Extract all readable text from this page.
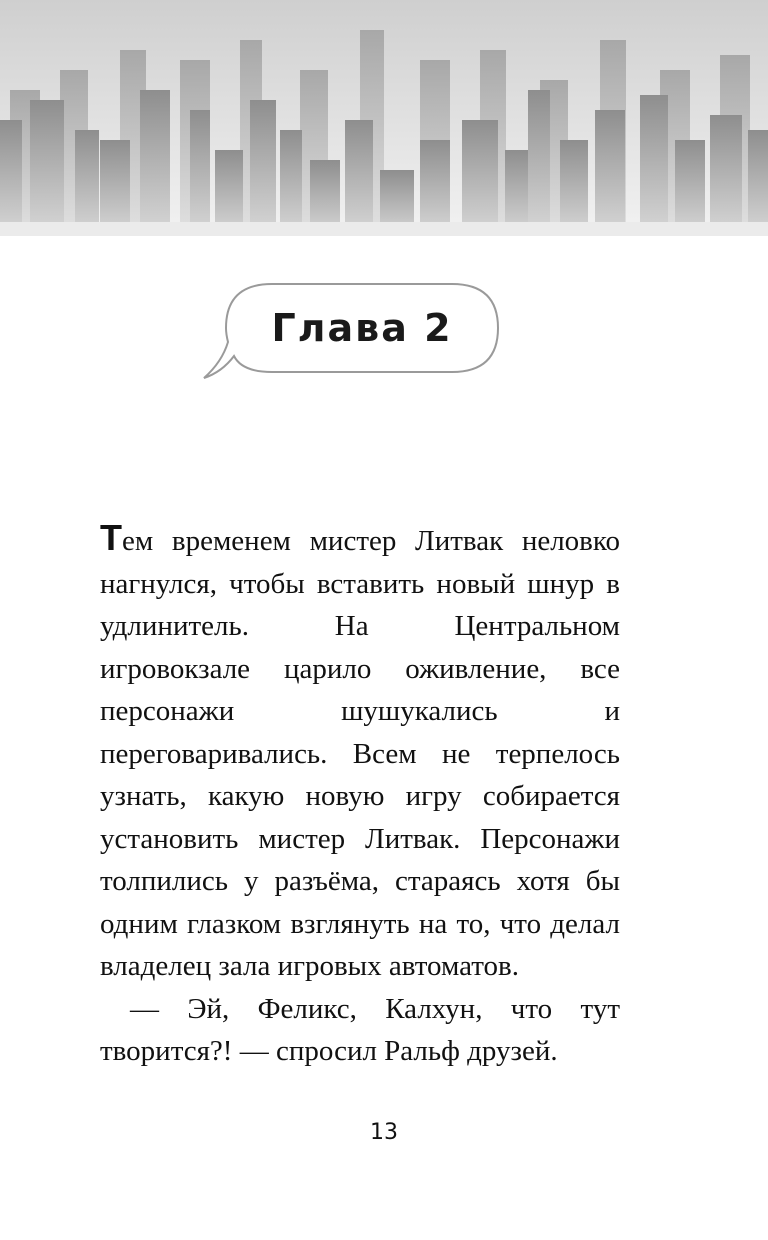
Глава 2

Тем временем мистер Литвак неловко нагнулся, чтобы вставить новый шнур в удлинитель. На Центральном игровокзале царило оживление, все персонажи шушукались и переговаривались. Всем не терпелось узнать, какую новую игру собирается установить мистер Литвак. Персонажи толпились у разъёма, стараясь хотя бы одним глазком взглянуть на то, что делал владелец зала игровых автоматов.

— Эй, Феликс, Калхун, что тут творится?! — спросил Ральф друзей.

13
